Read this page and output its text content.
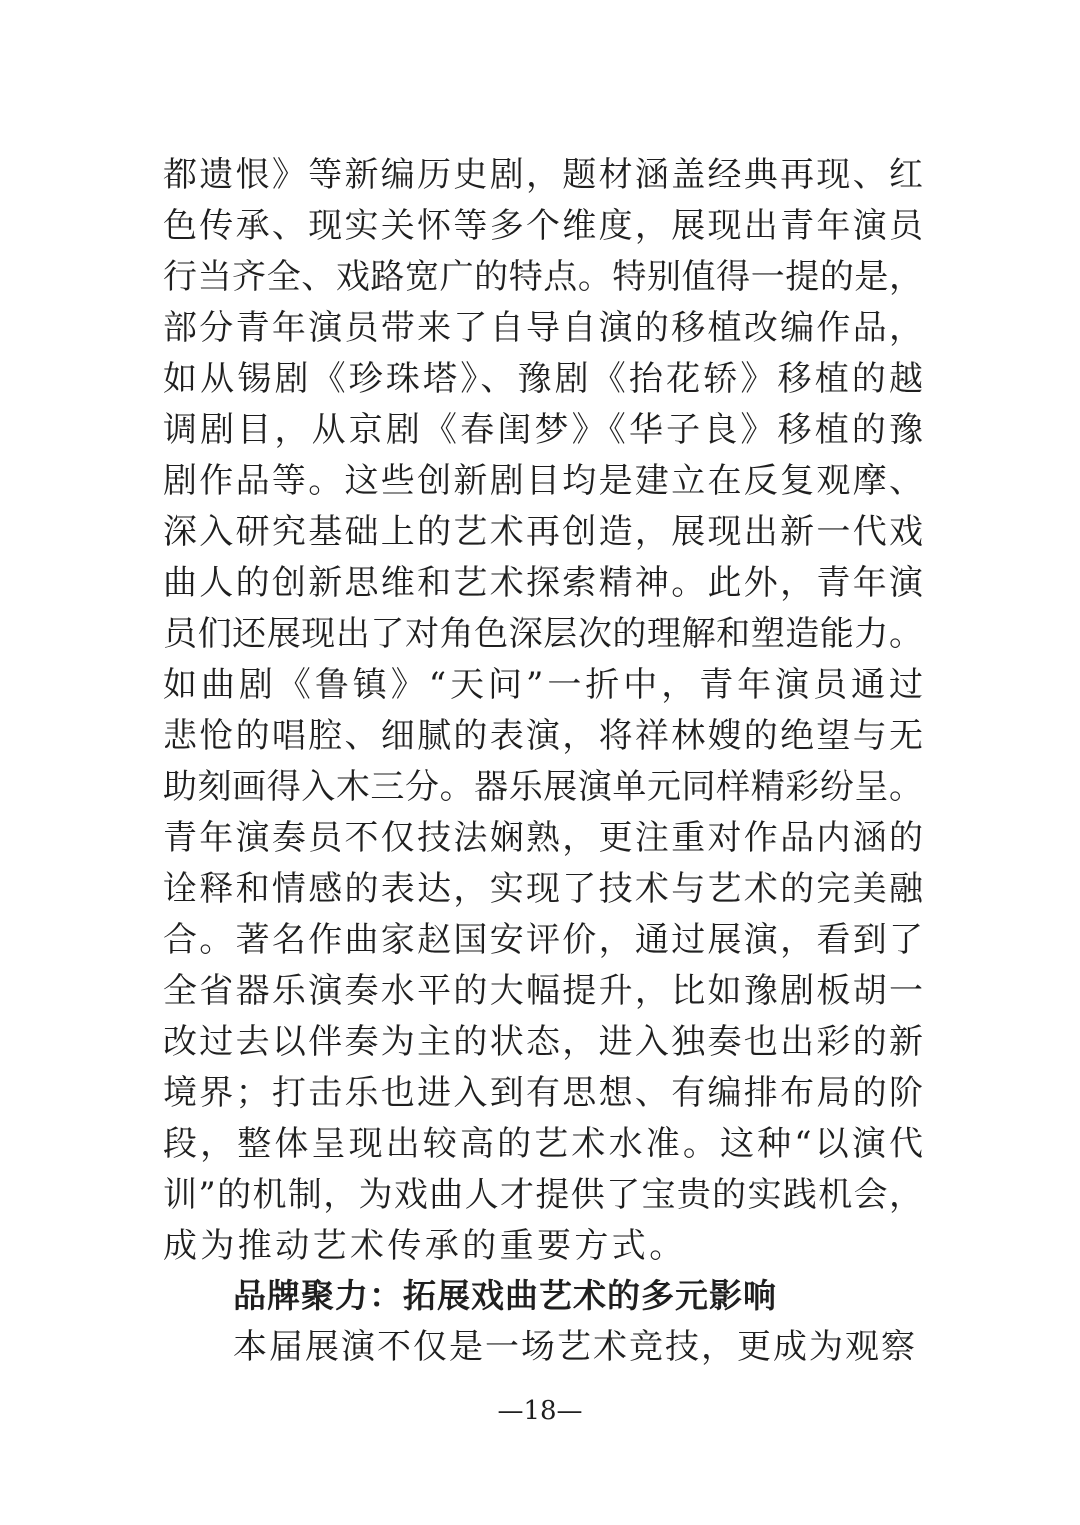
都遗恨》等新编历史剧，题材涵盖经典再现、红
色传承、现实关怀等多个维度，展现出青年演员
行当齐全、戏路宽广的特点。特别值得一提的是，
部分青年演员带来了自导自演的移植改编作品，
如从锡剧《珍珠塔》、豫剧《抬花轿》移植的越
调剧目，从京剧《春闺梦》《华子良》移植的豫
剧作品等。这些创新剧目均是建立在反复观摩、
深入研究基础上的艺术再创造，展现出新一代戏
曲人的创新思维和艺术探索精神。此外，青年演
员们还展现出了对角色深层次的理解和塑造能力。
如曲剧《鲁镇》“天问”一折中，青年演员通过
悲怆的唱腔、细腻的表演，将祥林嫂的绝望与无
助刻画得入木三分。器乐展演单元同样精彩纷呈。
青年演奏员不仅技法娴熟，更注重对作品内涵的
诠释和情感的表达，实现了技术与艺术的完美融
合。著名作曲家赵国安评价，通过展演，看到了
全省器乐演奏水平的大幅提升，比如豫剧板胡一
改过去以伴奏为主的状态，进入独奏也出彩的新
境界；打击乐也进入到有思想、有编排布局的阶
段，整体呈现出较高的艺术水准。这种“以演代
训”的机制，为戏曲人才提供了宝贵的实践机会，
成为推动艺术传承的重要方式。
品牌聚力：拓展戏曲艺术的多元影响

本届展演不仅是一场艺术竞技，更成为观察

—18—
